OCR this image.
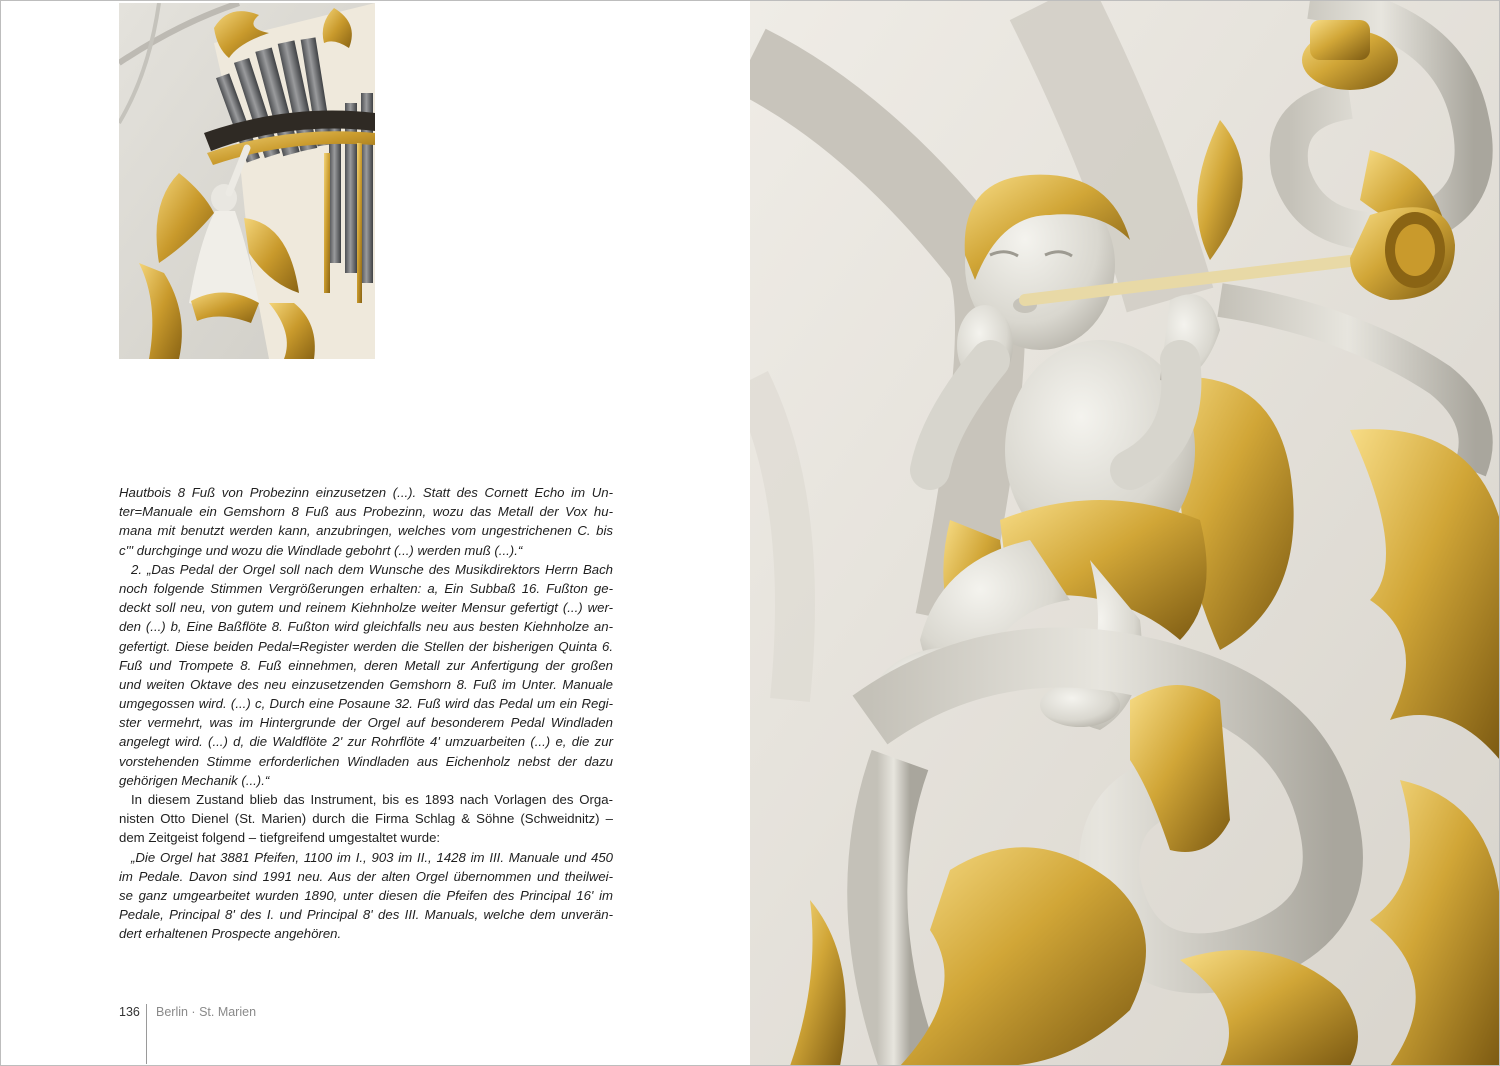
Hautbois 8 Fuß von Probezinn einzusetzen (...). Statt des Cornett Echo im Un-
ter=Manuale ein Gemshorn 8 Fuß aus Probezinn, wozu das Metall der Vox hu-
mana mit benutzt werden kann, anzubringen, welches vom ungestrichenen C. bis
c''' durchginge und wozu die Windlade gebohrt (...) werden muß (...).“
2. „Das Pedal der Orgel soll nach dem Wunsche des Musikdirektors Herrn Bach
noch folgende Stimmen Vergrößerungen erhalten: a, Ein Subbaß 16. Fußton ge-
deckt soll neu, von gutem und reinem Kiehnholze weiter Mensur gefertigt (...) wer-
den (...) b, Eine Baßflöte 8. Fußton wird gleichfalls neu aus besten Kiehnholze an-
gefertigt. Diese beiden Pedal=Register werden die Stellen der bisherigen Quinta 6.
Fuß und Trompete 8. Fuß einnehmen, deren Metall zur Anfertigung der großen
und weiten Oktave des neu einzusetzenden Gemshorn 8. Fuß im Unter. Manuale
umgegossen wird. (...) c, Durch eine Posaune 32. Fuß wird das Pedal um ein Regi-
ster vermehrt, was im Hintergrunde der Orgel auf besonderem Pedal Windladen
angelegt wird. (...) d, die Waldflöte 2' zur Rohrflöte 4' umzuarbeiten (...) e, die zur
vorstehenden Stimme erforderlichen Windladen aus Eichenholz nebst der dazu
gehörigen Mechanik (...).“
In diesem Zustand blieb das Instrument, bis es 1893 nach Vorlagen des Orga-
nisten Otto Dienel (St. Marien) durch die Firma Schlag & Söhne (Schweidnitz) –
dem Zeitgeist folgend – tiefgreifend umgestaltet wurde:
„Die Orgel hat 3881 Pfeifen, 1100 im I., 903 im II., 1428 im III. Manuale und 450
im Pedale. Davon sind 1991 neu. Aus der alten Orgel übernommen und theilwei-
se ganz umgearbeitet wurden 1890, unter diesen die Pfeifen des Principal 16' im
Pedale, Principal 8' des I. und Principal 8' des III. Manuals, welche dem unverän-
dert erhaltenen Prospecte angehören.
136 Berlin · St. Marien
